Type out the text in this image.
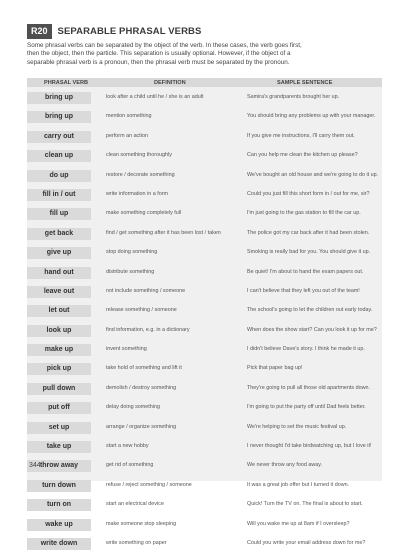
R20	SEPARABLE PHRASAL VERBS
Some phrasal verbs can be separated by the object of the verb. In these cases, the verb goes first,
then the object, then the particle. This separation is usually optional. However, if the object of a
separable phrasal verb is a pronoun, then the phrasal verb must be separated by the pronoun.
PHRASAL VERB	DEFINITION	SAMPLE SENTENCE
bring up	look after a child until he / she is an adult	Samira's grandparents brought her up.
bring up	mention something	You should bring any problems up with your manager.
carry out	perform an action	If you give me instructions, I'll carry them out.
clean up	clean something thoroughly	Can you help me clean the kitchen up please?
do up	restore / decorate something	We've bought an old house and we're going to do it up.
fill in / out	write information in a form	Could you just fill this short form in / out for me, sir?
fill up	make something completely full	I'm just going to the gas station to fill the car up.
get back	find / get something after it has been lost / taken	The police got my car back after it had been stolen.
give up	stop doing something	Smoking is really bad for you. You should give it up.
hand out	distribute something	Be quiet! I'm about to hand the exam papers out.
leave out	not include something / someone	I can't believe that they left you out of the team!
let out	release something / someone	The school's going to let the children out early today.
look up	find information, e.g. in a dictionary	When does the show start? Can you look it up for me?
make up	invent something	I didn't believe Dave's story. I think he made it up.
pick up	take hold of something and lift it	Pick that paper bag up!
pull down	demolish / destroy something	They're going to pull all those old apartments down.
put off	delay doing something	I'm going to put the party off until Dad feels better.
set up	arrange / organize something	We're helping to set the music festival up.
take up	start a new hobby	I never thought I'd take birdwatching up, but I love it!
throw away	get rid of something	We never throw any food away.
turn down	refuse / reject something / someone	It was a great job offer but I turned it down.
turn on	start an electrical device	Quick! Turn the TV on. The final is about to start.
wake up	make someone stop sleeping	Will you wake me up at 8am if I oversleep?
write down	write something on paper	Could you write your email address down for me?
344
